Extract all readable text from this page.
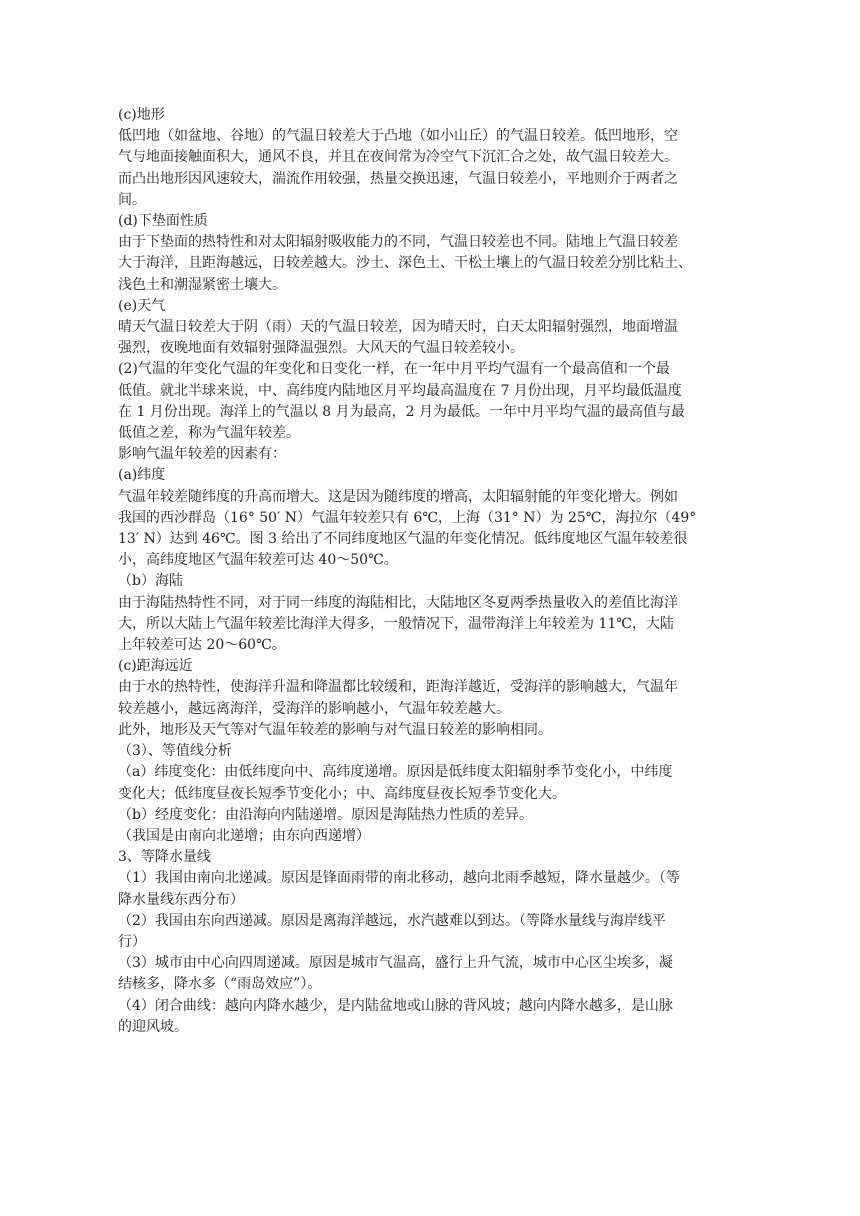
(c)地形
低凹地（如盆地、谷地）的气温日较差大于凸地（如小山丘）的气温日较差。低凹地形，空
气与地面接触面积大，通风不良，并且在夜间常为冷空气下沉汇合之处，故气温日较差大。
而凸出地形因风速较大，湍流作用较强，热量交换迅速，气温日较差小，平地则介于两者之
间。
(d)下垫面性质
由于下垫面的热特性和对太阳辐射吸收能力的不同，气温日较差也不同。陆地上气温日较差
大于海洋，且距海越远，日较差越大。沙土、深色土、干松土壤上的气温日较差分别比粘土、
浅色土和潮湿紧密土壤大。
(e)天气
晴天气温日较差大于阴（雨）天的气温日较差，因为晴天时，白天太阳辐射强烈，地面增温
强烈，夜晚地面有效辐射强降温强烈。大风天的气温日较差较小。
(2)气温的年变化气温的年变化和日变化一样，在一年中月平均气温有一个最高值和一个最
低值。就北半球来说，中、高纬度内陆地区月平均最高温度在 7 月份出现，月平均最低温度
在 1 月份出现。海洋上的气温以 8 月为最高，2 月为最低。一年中月平均气温的最高值与最
低值之差，称为气温年较差。
影响气温年较差的因素有：
(a)纬度
气温年较差随纬度的升高而增大。这是因为随纬度的增高，太阳辐射能的年变化增大。例如
我国的西沙群岛（16° 50′ N）气温年较差只有 6℃，上海（31° N）为 25℃，海拉尔（49°
13′ N）达到 46℃。图 3 给出了不同纬度地区气温的年变化情况。低纬度地区气温年较差很
小，高纬度地区气温年较差可达 40～50℃。
（b）海陆
由于海陆热特性不同，对于同一纬度的海陆相比，大陆地区冬夏两季热量收入的差值比海洋
大，所以大陆上气温年较差比海洋大得多，一般情况下，温带海洋上年较差为 11℃，大陆
上年较差可达 20～60℃。
(c)距海远近
由于水的热特性，使海洋升温和降温都比较缓和，距海洋越近，受海洋的影响越大，气温年
较差越小，越远离海洋，受海洋的影响越小，气温年较差越大。
此外，地形及天气等对气温年较差的影响与对气温日较差的影响相同。
（3）、等值线分析
（a）纬度变化：由低纬度向中、高纬度递增。原因是低纬度太阳辐射季节变化小，中纬度
变化大；低纬度昼夜长短季节变化小；中、高纬度昼夜长短季节变化大。
（b）经度变化：由沿海向内陆递增。原因是海陆热力性质的差异。
（我国是由南向北递增；由东向西递增）
3、等降水量线
（1）我国由南向北递减。原因是锋面雨带的南北移动，越向北雨季越短，降水量越少。（等
降水量线东西分布）
（2）我国由东向西递减。原因是离海洋越远，水汽越难以到达。（等降水量线与海岸线平
行）
（3）城市由中心向四周递减。原因是城市气温高，盛行上升气流，城市中心区尘埃多，凝
结核多，降水多（“雨岛效应”）。
（4）闭合曲线：越向内降水越少，是内陆盆地或山脉的背风坡；越向内降水越多，是山脉
的迎风坡。
